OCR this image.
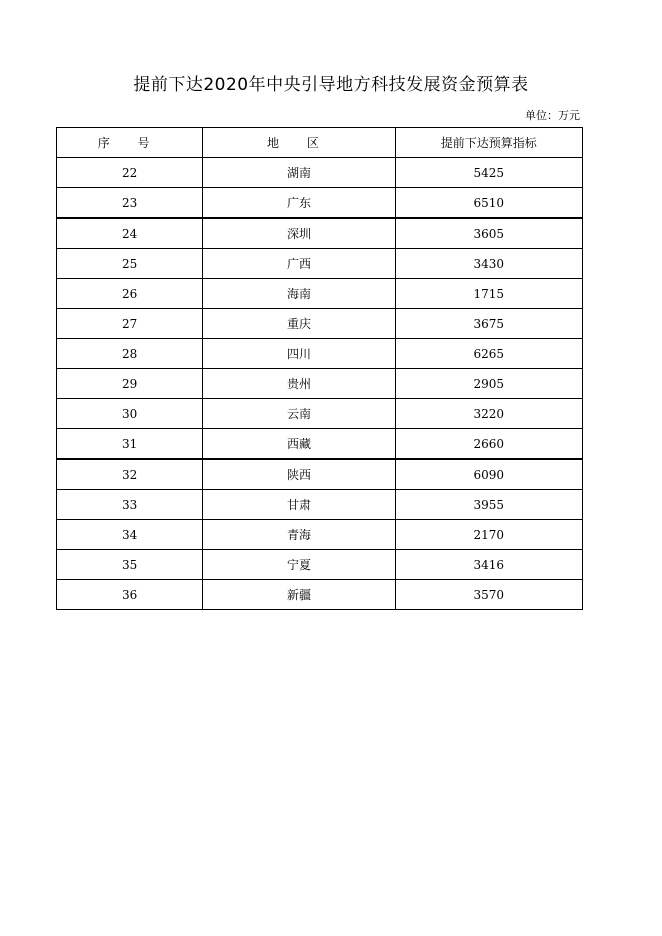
提前下达2020年中央引导地方科技发展资金预算表
单位：万元
序 号	地 区	提前下达预算指标
22	湖南	5425
23	广东	6510
24	深圳	3605
25	广西	3430
26	海南	1715
27	重庆	3675
28	四川	6265
29	贵州	2905
30	云南	3220
31	西藏	2660
32	陕西	6090
33	甘肃	3955
34	青海	2170
35	宁夏	3416
36	新疆	3570
